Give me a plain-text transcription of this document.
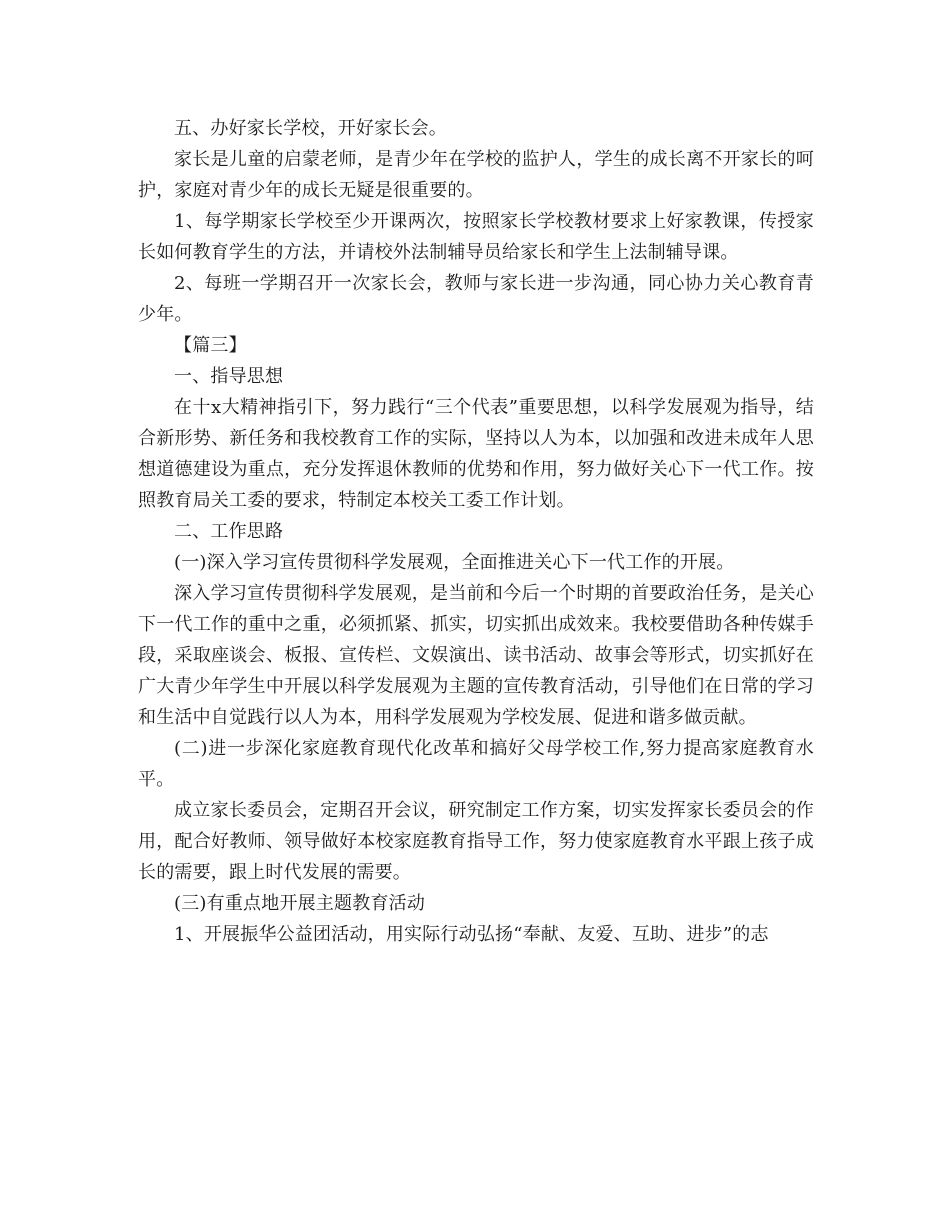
五、办好家长学校，开好家长会。

家长是儿童的启蒙老师，是青少年在学校的监护人，学生的成长离不开家长的呵护，家庭对青少年的成长无疑是很重要的。

1、每学期家长学校至少开课两次，按照家长学校教材要求上好家教课，传授家长如何教育学生的方法，并请校外法制辅导员给家长和学生上法制辅导课。

2、每班一学期召开一次家长会，教师与家长进一步沟通，同心协力关心教育青少年。

【篇三】

一、指导思想

在十x大精神指引下，努力践行“三个代表”重要思想，以科学发展观为指导，结合新形势、新任务和我校教育工作的实际，坚持以人为本，以加强和改进未成年人思想道德建设为重点，充分发挥退休教师的优势和作用，努力做好关心下一代工作。按照教育局关工委的要求，特制定本校关工委工作计划。

二、工作思路

(一)深入学习宣传贯彻科学发展观，全面推进关心下一代工作的开展。

深入学习宣传贯彻科学发展观，是当前和今后一个时期的首要政治任务，是关心下一代工作的重中之重，必须抓紧、抓实，切实抓出成效来。我校要借助各种传媒手段，采取座谈会、板报、宣传栏、文娱演出、读书活动、故事会等形式，切实抓好在广大青少年学生中开展以科学发展观为主题的宣传教育活动，引导他们在日常的学习和生活中自觉践行以人为本，用科学发展观为学校发展、促进和谐多做贡献。

(二)进一步深化家庭教育现代化改革和搞好父母学校工作,努力提高家庭教育水平。

成立家长委员会，定期召开会议，研究制定工作方案，切实发挥家长委员会的作用，配合好教师、领导做好本校家庭教育指导工作，努力使家庭教育水平跟上孩子成长的需要，跟上时代发展的需要。

(三)有重点地开展主题教育活动

1、开展振华公益团活动，用实际行动弘扬“奉献、友爱、互助、进步”的志
